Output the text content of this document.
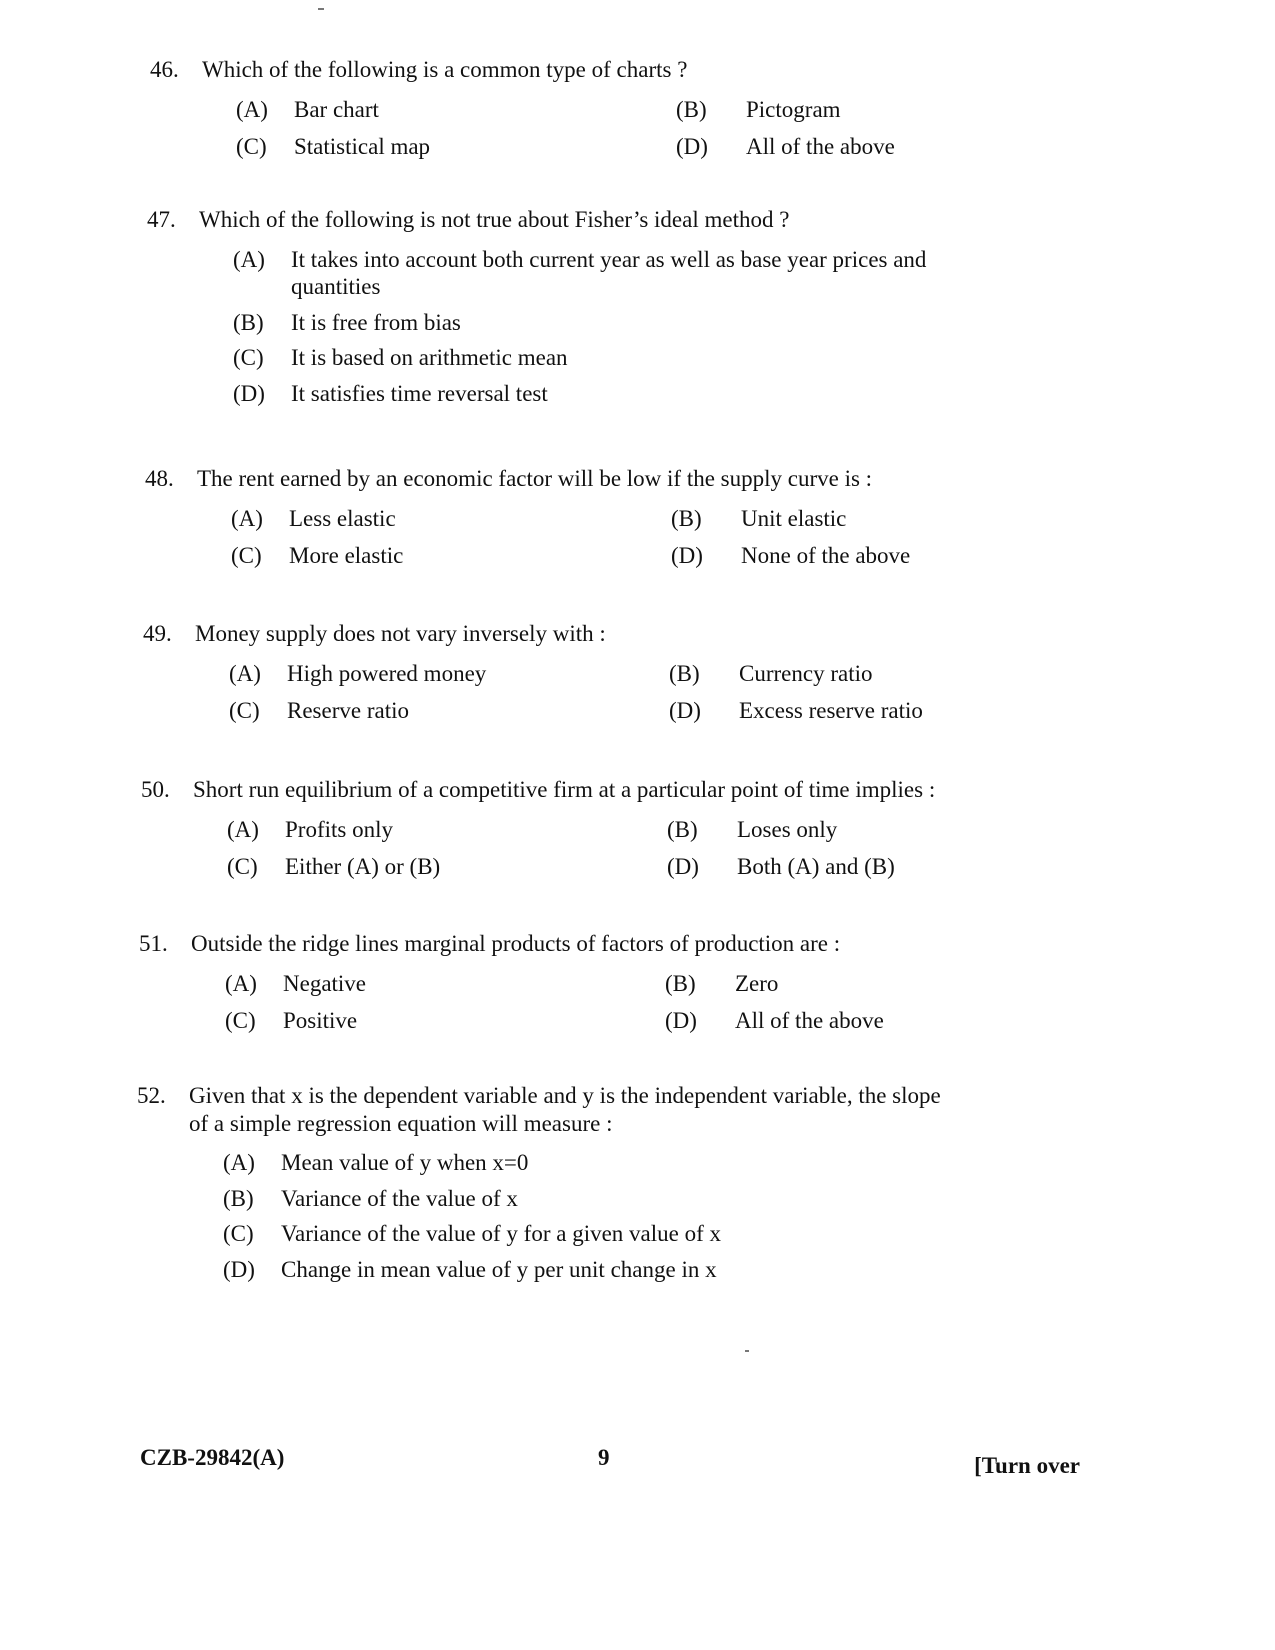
46.	Which of the following is a common type of charts ?
(A)	Bar chart	(B)	Pictogram
(C)	Statistical map	(D)	All of the above
47.	Which of the following is not true about Fisher’s ideal method ?
(A)	It takes into account both current year as well as base year prices and quantities
(B)	It is free from bias
(C)	It is based on arithmetic mean
(D)	It satisfies time reversal test
48.	The rent earned by an economic factor will be low if the supply curve is :
(A)	Less elastic	(B)	Unit elastic
(C)	More elastic	(D)	None of the above
49.	Money supply does not vary inversely with :
(A)	High powered money	(B)	Currency ratio
(C)	Reserve ratio	(D)	Excess reserve ratio
50.	Short run equilibrium of a competitive firm at a particular point of time implies :
(A)	Profits only	(B)	Loses only
(C)	Either (A) or (B)	(D)	Both (A) and (B)
51.	Outside the ridge lines marginal products of factors of production are :
(A)	Negative	(B)	Zero
(C)	Positive	(D)	All of the above
52.	Given that x is the dependent variable and y is the independent variable, the slope of a simple regression equation will measure :
(A)	Mean value of y when x=0
(B)	Variance of the value of x
(C)	Variance of the value of y for a given value of x
(D)	Change in mean value of y per unit change in x
CZB-29842(A)	9	[Turn over
